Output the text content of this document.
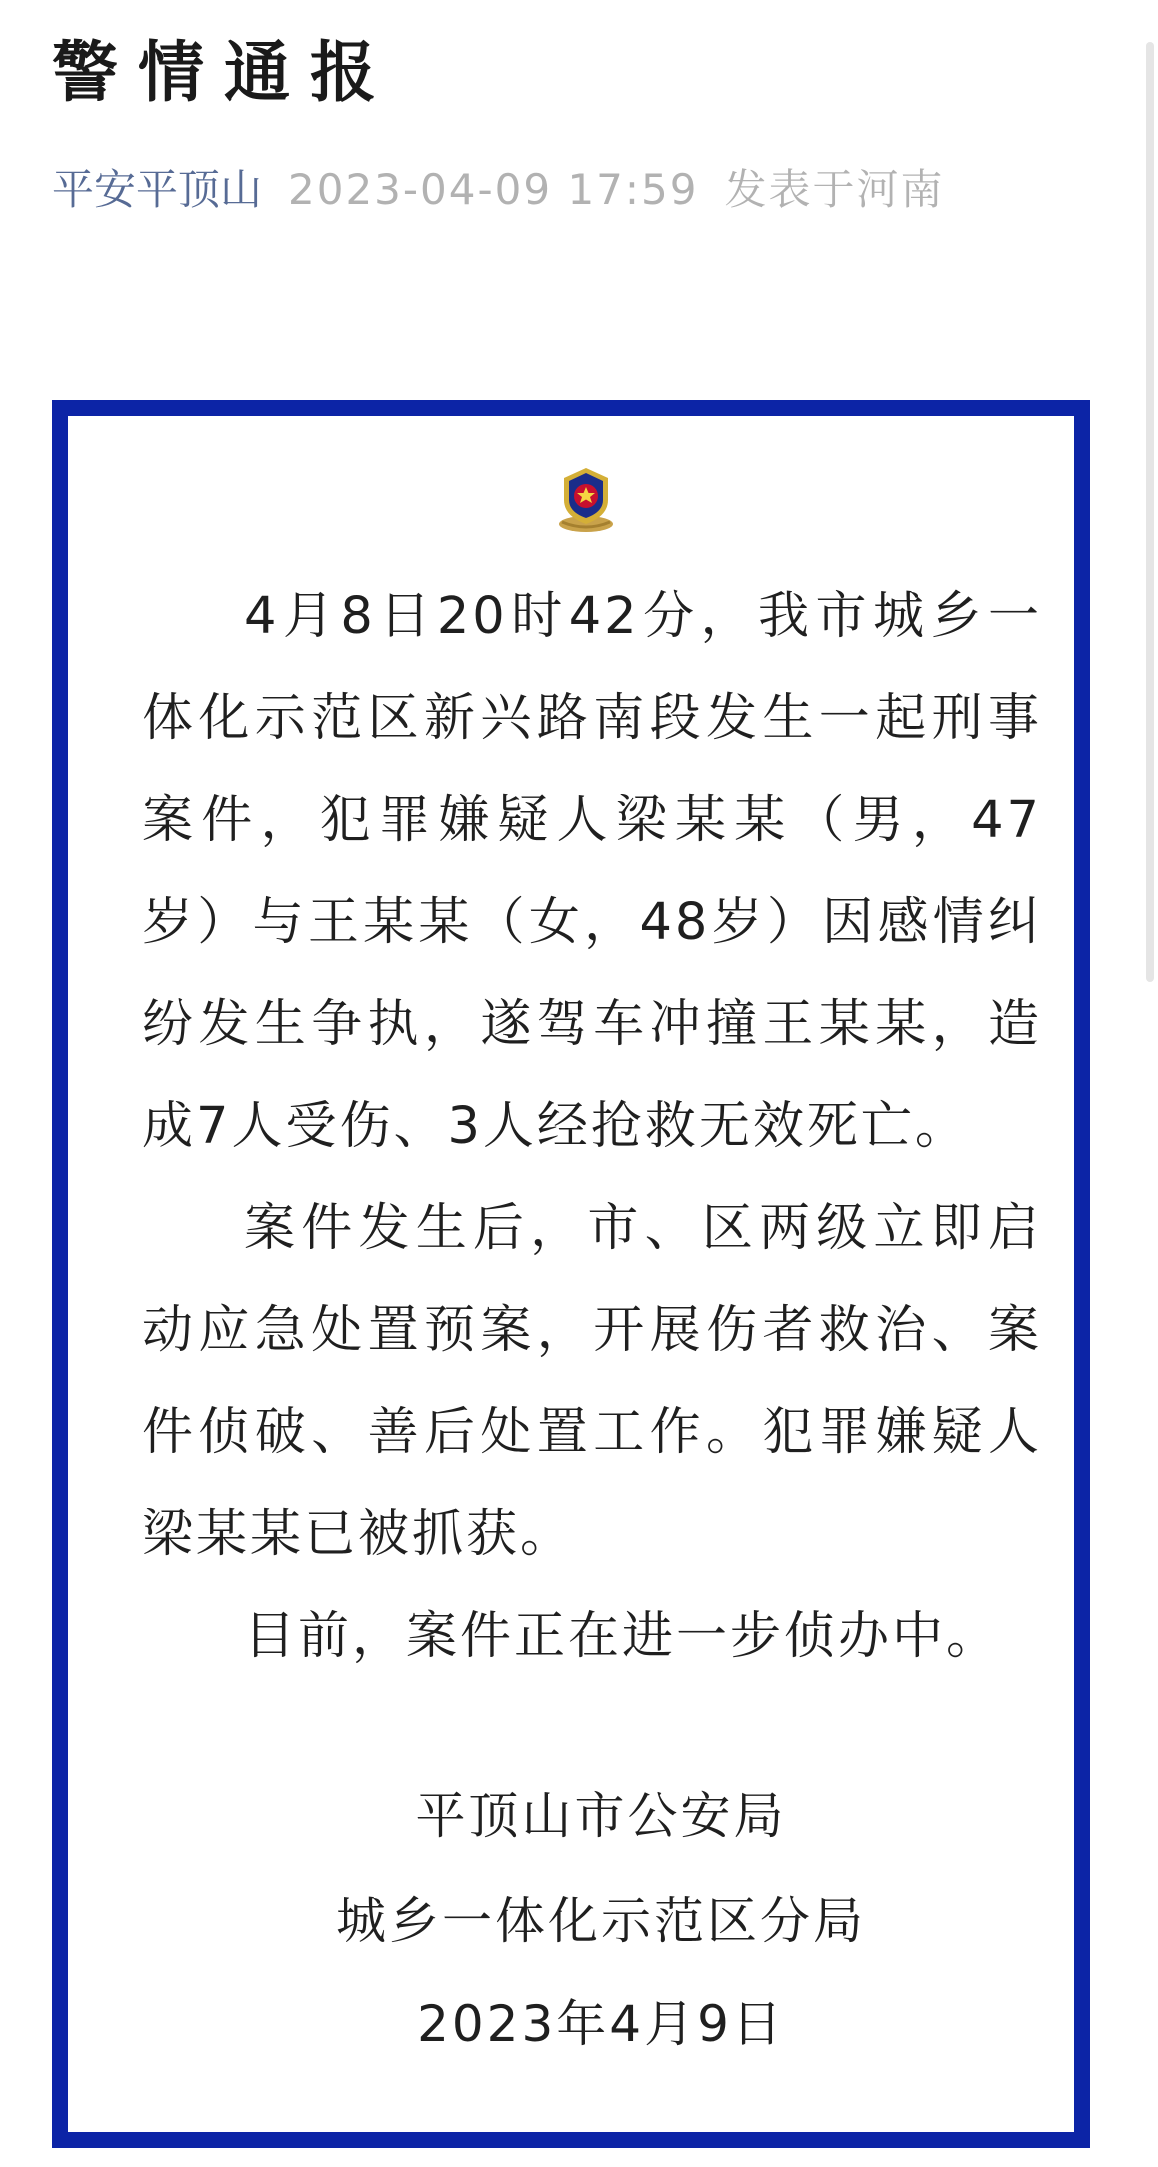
警情通报
平安平顶山 2023-04-09 17:59 发表于河南

4月8日20时42分，我市城乡一体化示范区新兴路南段发生一起刑事案件，犯罪嫌疑人梁某某（男，47岁）与王某某（女，48岁）因感情纠纷发生争执，遂驾车冲撞王某某，造成7人受伤、3人经抢救无效死亡。

案件发生后，市、区两级立即启动应急处置预案，开展伤者救治、案件侦破、善后处置工作。犯罪嫌疑人梁某某已被抓获。

目前，案件正在进一步侦办中。

平顶山市公安局
城乡一体化示范区分局
2023年4月9日
